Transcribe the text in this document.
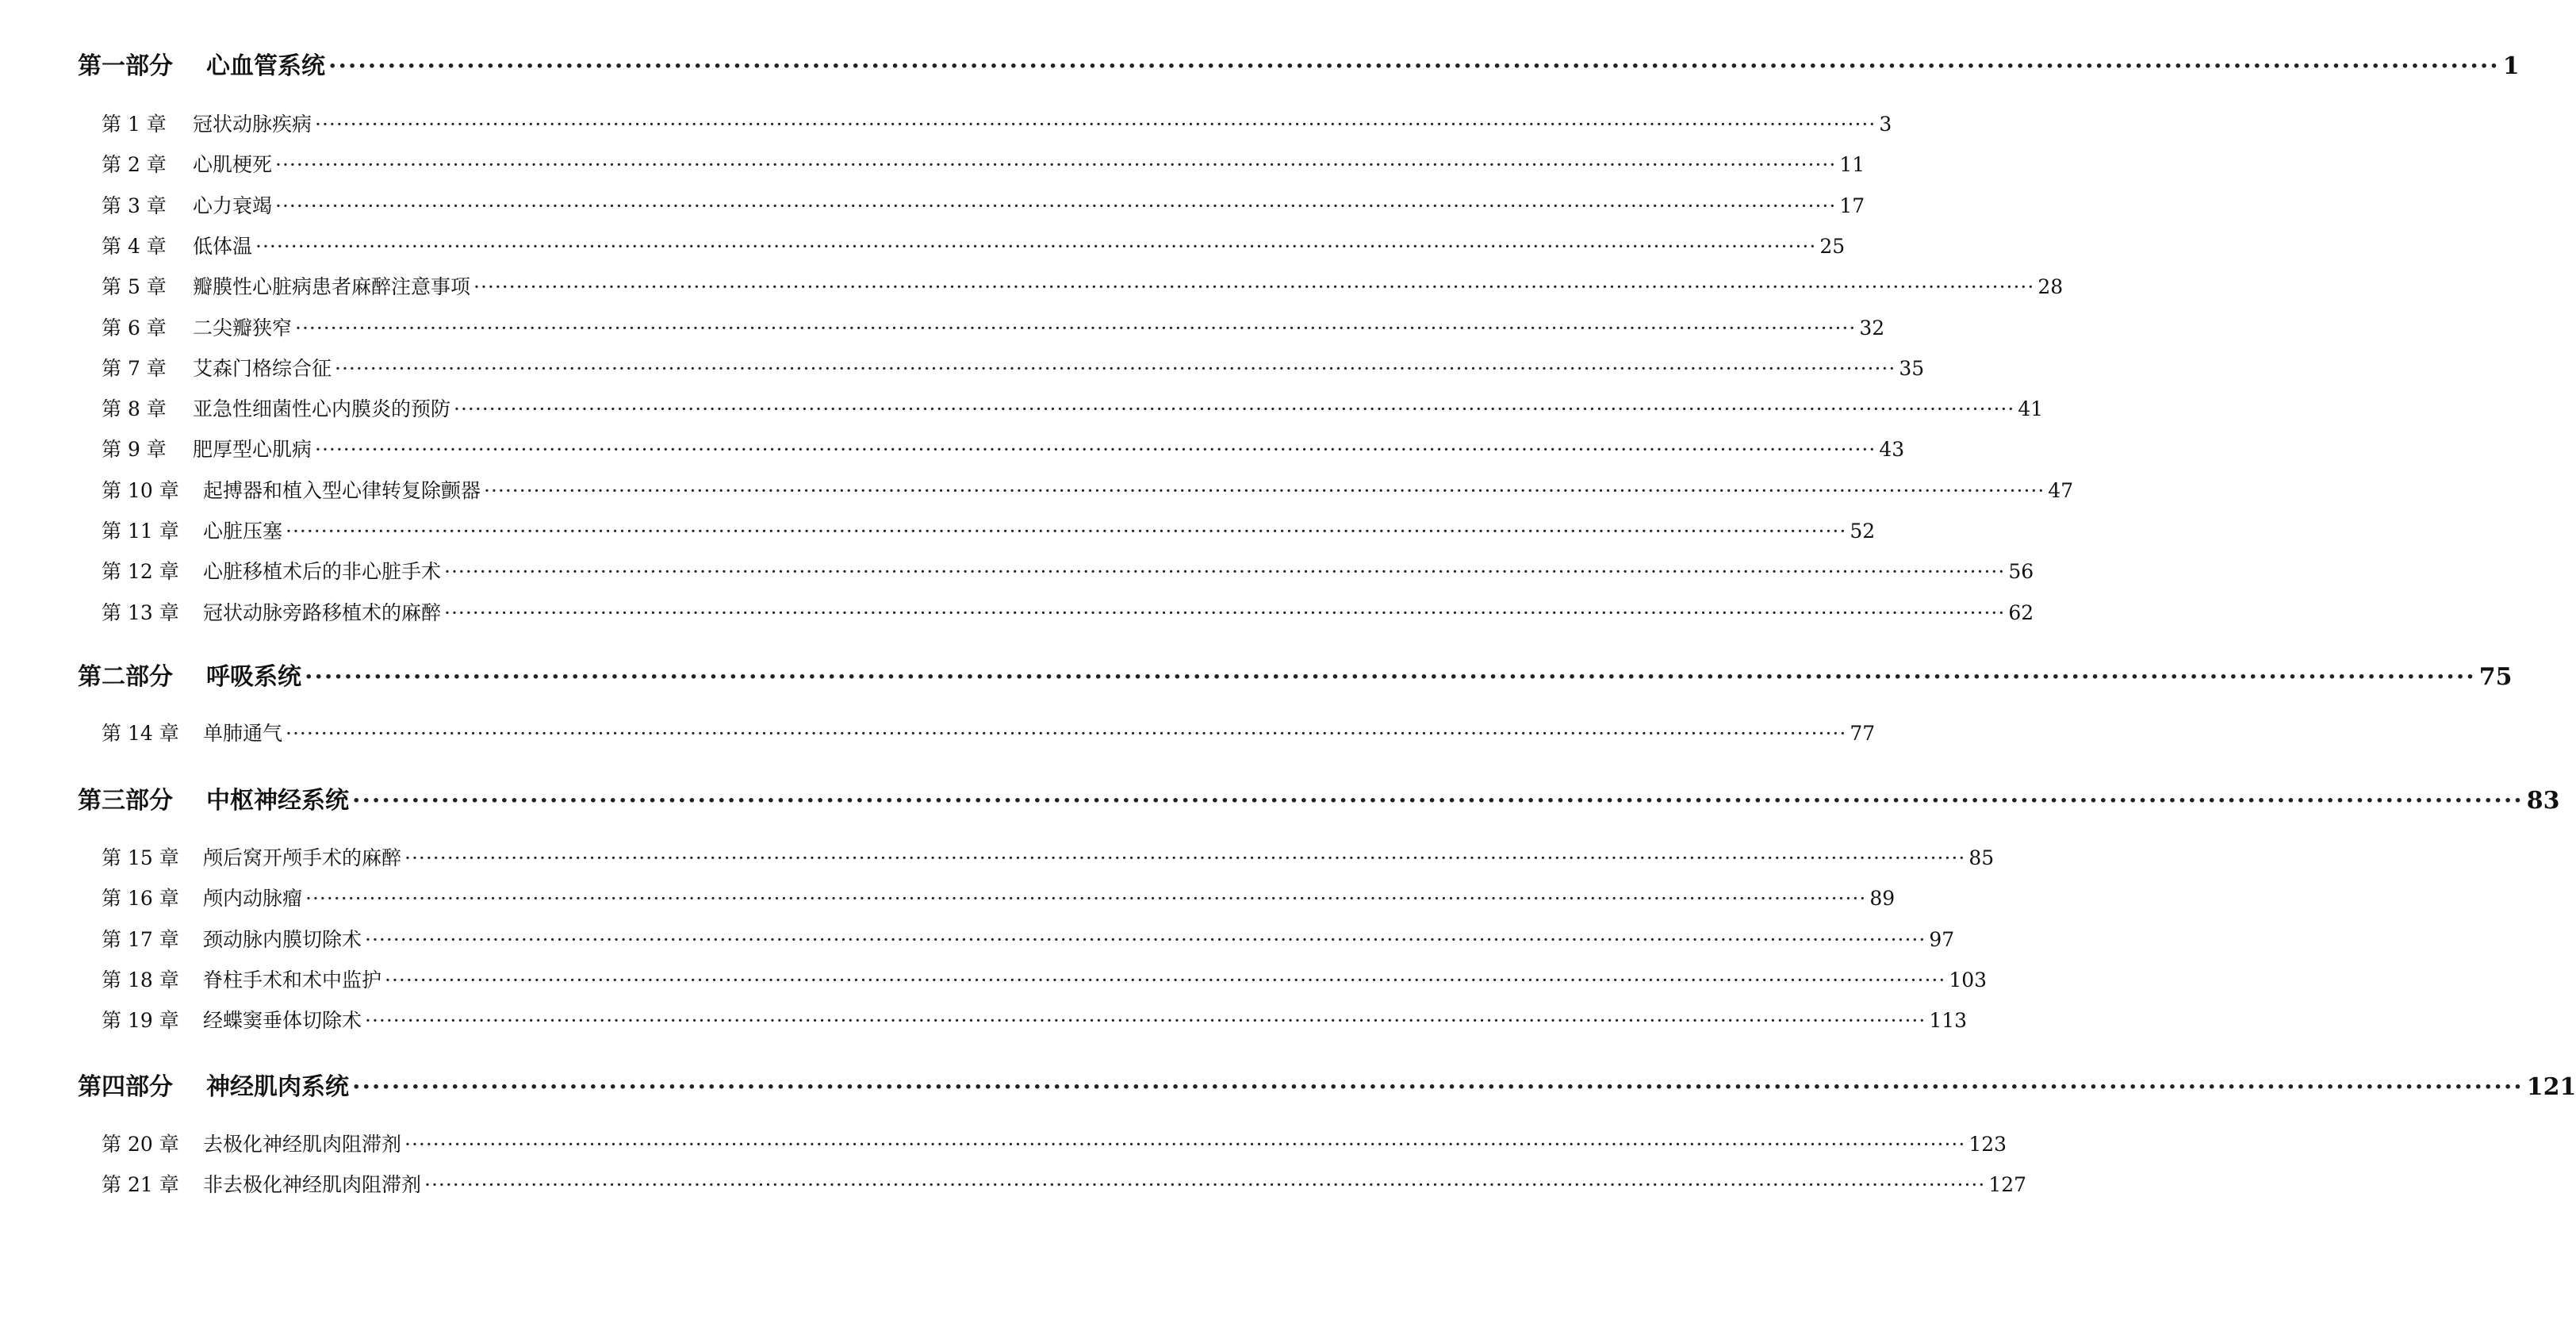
第一部分	心血管系统 ···························································································································································································································· 1
第 1 章	冠状动脉疾病 ···························································································································································································································· 3
第 2 章	心肌梗死 ···························································································································································································································· 11
第 3 章	心力衰竭 ···························································································································································································································· 17
第 4 章	低体温 ···························································································································································································································· 25
第 5 章	瓣膜性心脏病患者麻醉注意事项 ···························································································································································································································· 28
第 6 章	二尖瓣狭窄 ···························································································································································································································· 32
第 7 章	艾森门格综合征 ···························································································································································································································· 35
第 8 章	亚急性细菌性心内膜炎的预防 ···························································································································································································································· 41
第 9 章	肥厚型心肌病 ···························································································································································································································· 43
第 10 章	起搏器和植入型心律转复除颤器 ···························································································································································································································· 47
第 11 章	心脏压塞 ···························································································································································································································· 52
第 12 章	心脏移植术后的非心脏手术 ···························································································································································································································· 56
第 13 章	冠状动脉旁路移植术的麻醉 ···························································································································································································································· 62
第二部分	呼吸系统 ···························································································································································································································· 75
第 14 章	单肺通气 ···························································································································································································································· 77
第三部分	中枢神经系统 ···························································································································································································································· 83
第 15 章	颅后窝开颅手术的麻醉 ···························································································································································································································· 85
第 16 章	颅内动脉瘤 ···························································································································································································································· 89
第 17 章	颈动脉内膜切除术 ···························································································································································································································· 97
第 18 章	脊柱手术和术中监护 ···························································································································································································································· 103
第 19 章	经蝶窦垂体切除术 ···························································································································································································································· 113
第四部分	神经肌肉系统 ···························································································································································································································· 121
第 20 章	去极化神经肌肉阻滞剂 ···························································································································································································································· 123
第 21 章	非去极化神经肌肉阻滞剂 ···························································································································································································································· 127
